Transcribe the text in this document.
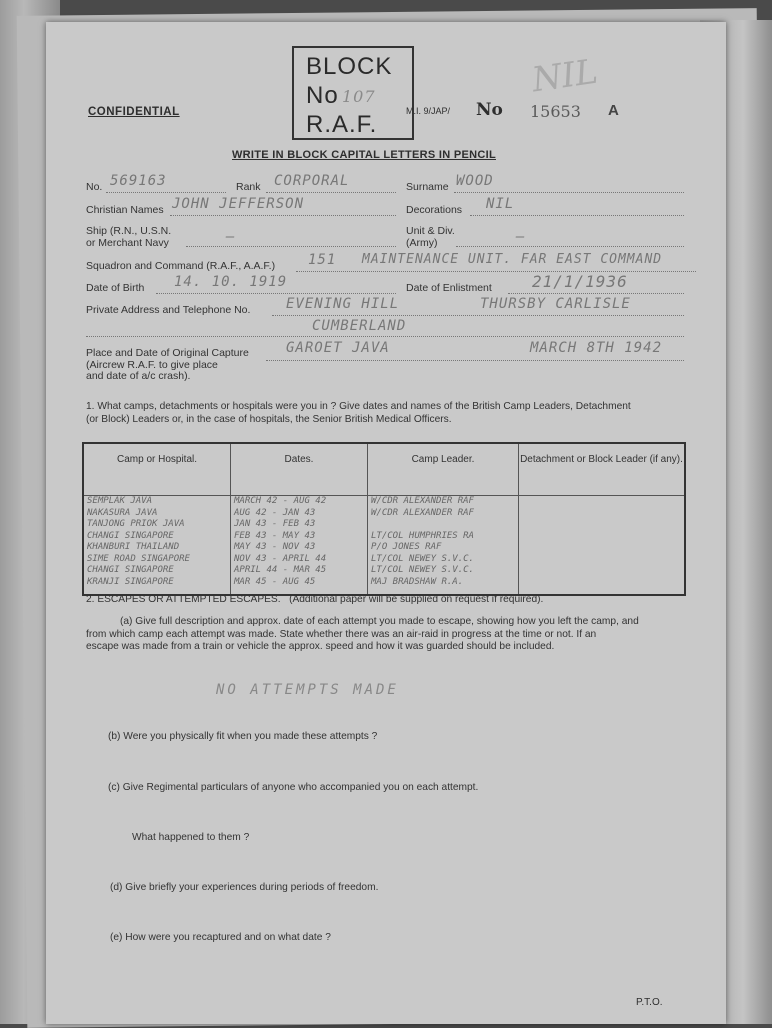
BLOCK
No
R.A.F.
107	NIL
CONFIDENTIAL	M.I. 9/JAP/ No 15653 A
WRITE IN BLOCK CAPITAL LETTERS IN PENCIL
No. 569163	Rank CORPORAL	Surname WOOD
Christian Names JOHN JEFFERSON	Decorations NIL
Ship (R.N., U.S.N.
or Merchant Navy	—	Unit & Div.
(Army)	—
Squadron and Command (R.A.F., A.A.F.) 151 MAINTENANCE UNIT. FAR EAST COMMAND
Date of Birth 14. 10. 1919	Date of Enlistment	21/1/1936
Private Address and Telephone No.	EVENING HILL	THURSBY CARLISLE
CUMBERLAND
Place and Date of Original Capture
(Aircrew R.A.F. to give place
and date of a/c crash).
GAROET JAVA	MARCH 8TH 1942
1. What camps, detachments or hospitals were you in ? Give dates and names of the British Camp Leaders, Detachment
(or Block) Leaders or, in the case of hospitals, the Senior British Medical Officers.
Camp or Hospital.	Dates.	Camp Leader.	Detachment or Block Leader (if any).
SEMPLAK JAVA	MARCH 42 - AUG 42	W/CDR ALEXANDER RAF	
NAKASURA JAVA	AUG 42 - JAN 43	W/CDR ALEXANDER RAF	
TANJONG PRIOK JAVA	JAN 43 - FEB 43		
CHANGI SINGAPORE	FEB 43 - MAY 43	LT/COL HUMPHRIES RA	
KHANBURI THAILAND	MAY 43 - NOV 43	P/O JONES RAF	
SIME ROAD SINGAPORE	NOV 43 - APRIL 44	LT/COL NEWEY S.V.C.	
CHANGI SINGAPORE	APRIL 44 - MAR 45	LT/COL NEWEY S.V.C.	
KRANJI SINGAPORE	MAR 45 - AUG 45	MAJ BRADSHAW R.A.	
2. ESCAPES OR ATTEMPTED ESCAPES. (Additional paper will be supplied on request if required).
(a) Give full description and approx. date of each attempt you made to escape, showing how you left the camp, and
from which camp each attempt was made. State whether there was an air-raid in progress at the time or not. If an
escape was made from a train or vehicle the approx. speed and how it was guarded should be included.
NO ATTEMPTS MADE
(b) Were you physically fit when you made these attempts ?
(c) Give Regimental particulars of anyone who accompanied you on each attempt.
What happened to them ?
(d) Give briefly your experiences during periods of freedom.
(e) How were you recaptured and on what date ?
P.T.O.
